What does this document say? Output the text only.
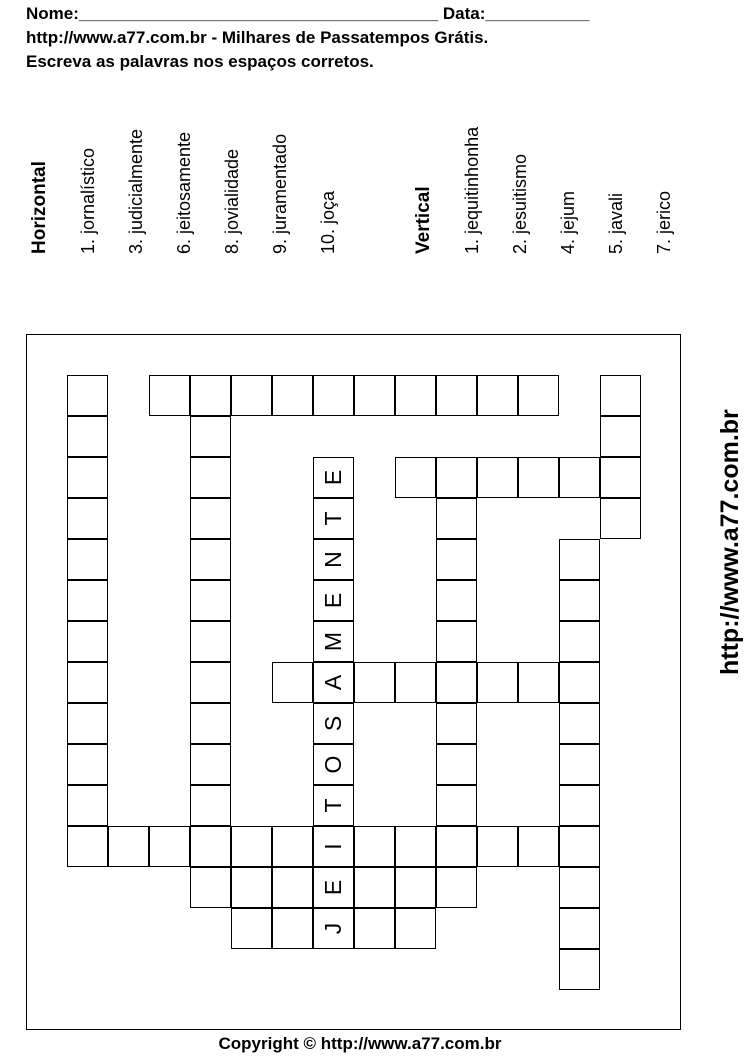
Nome:______________________________________ Data:___________
http://www.a77.com.br - Milhares de Passatempos Grátis.
Escreva as palavras nos espaços corretos.
Horizontal 1. jornalístico 3. judicialmente 6. jeitosamente 8. jovialidade 9. juramentado 10. joça	Vertical 1. jequitinhonha 2. jesuitismo 4. jejum 5. javali 7. jerico
J
E
I
T
O
S
A
M
E
N
T
E	http://www.a77.com.br
Copyright © http://www.a77.com.br
